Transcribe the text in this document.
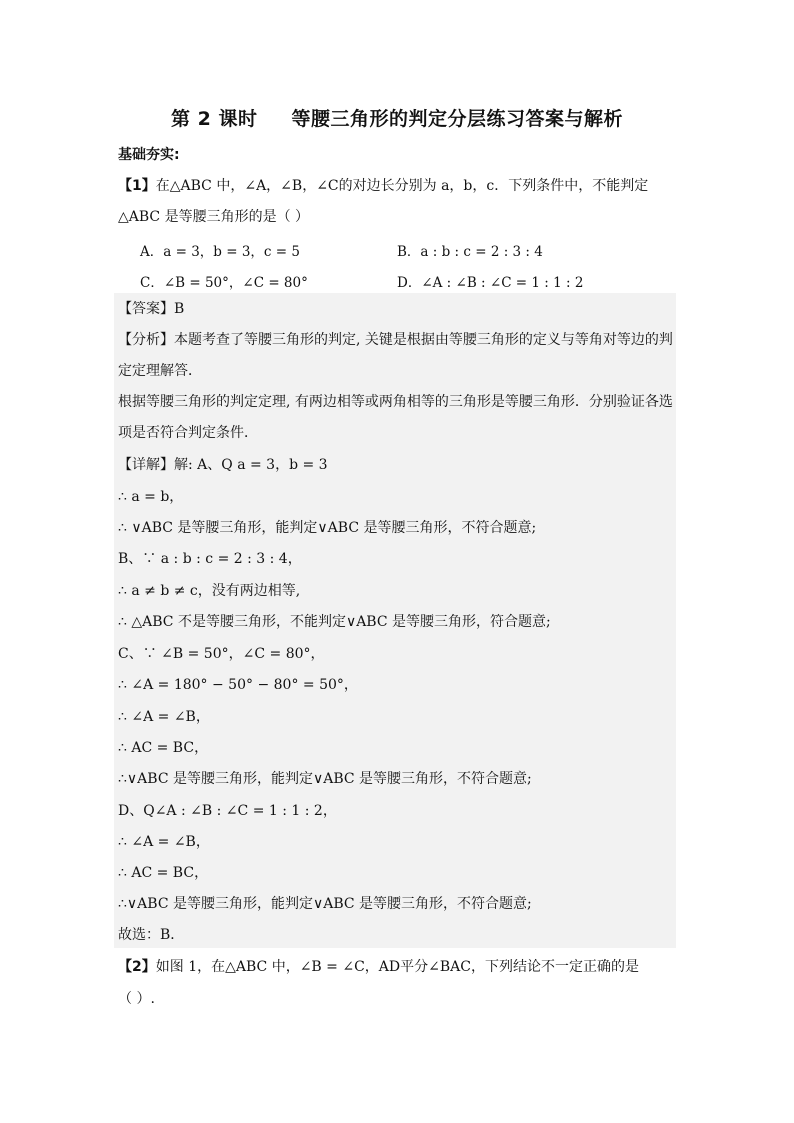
第 2 课时 等腰三角形的判定分层练习答案与解析
基础夯实:
【1】在△ABC 中，∠A，∠B，∠C的对边长分别为 a，b，c．下列条件中，不能判定
△ABC 是等腰三角形的是（ ）
A．a = 3，b = 3，c = 5	B．a : b : c = 2 : 3 : 4
C．∠B = 50°，∠C = 80°	D．∠A : ∠B : ∠C = 1 : 1 : 2
【答案】B
【分析】本题考查了等腰三角形的判定, 关键是根据由等腰三角形的定义与等角对等边的判
定定理解答．
根据等腰三角形的判定定理, 有两边相等或两角相等的三角形是等腰三角形．分别验证各选
项是否符合判定条件．
【详解】解: A、Q a = 3，b = 3
∴ a = b，
∴ ∨ABC 是等腰三角形，能判定∨ABC 是等腰三角形，不符合题意;
B、∵ a : b : c = 2 : 3 : 4，
∴ a ≠ b ≠ c，没有两边相等,
∴ △ABC 不是等腰三角形，不能判定∨ABC 是等腰三角形，符合题意;
C、∵ ∠B = 50°，∠C = 80°，
∴ ∠A = 180° − 50° − 80° = 50°，
∴ ∠A = ∠B，
∴ AC = BC，
∴∨ABC 是等腰三角形，能判定∨ABC 是等腰三角形，不符合题意;
D、Q∠A : ∠B : ∠C = 1 : 1 : 2，
∴ ∠A = ∠B，
∴ AC = BC，
∴∨ABC 是等腰三角形，能判定∨ABC 是等腰三角形，不符合题意;
故选：B．
【2】如图 1，在△ABC 中，∠B = ∠C，AD平分∠BAC，下列结论不一定正确的是
（ ）.
